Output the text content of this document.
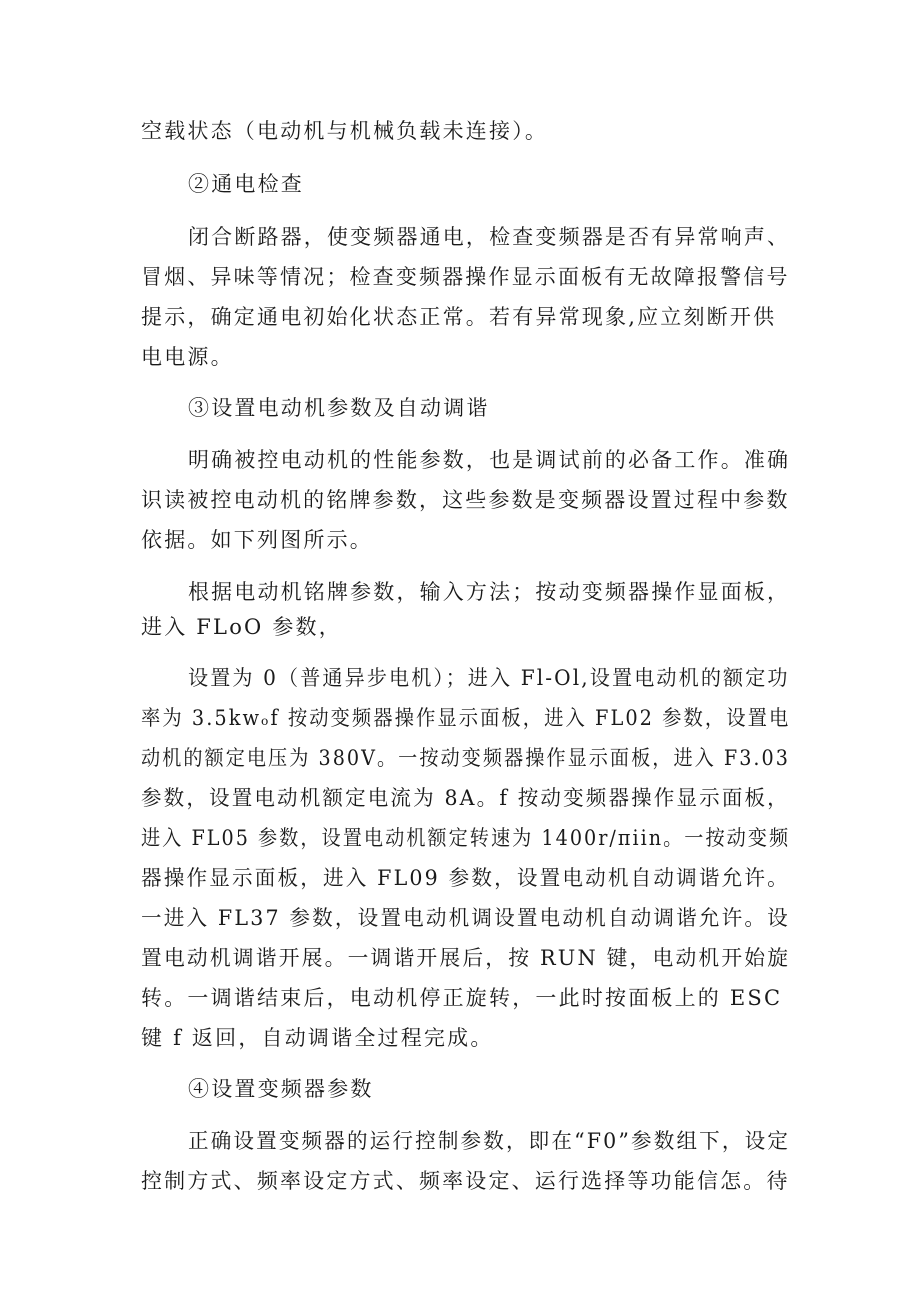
空载状态（电动机与机械负载未连接）。
②通电检查
闭合断路器，使变频器通电，检查变频器是否有异常响声、
冒烟、异味等情况；检查变频器操作显示面板有无故障报警信号
提示，确定通电初始化状态正常。若有异常现象,应立刻断开供
电电源。
③设置电动机参数及自动调谐
明确被控电动机的性能参数，也是调试前的必备工作。准确
识读被控电动机的铭牌参数，这些参数是变频器设置过程中参数
依据。如下列图所示。
根据电动机铭牌参数，输入方法；按动变频器操作显面板，
进入 FLoO 参数，
设置为 0（普通异步电机）；进入 Fl-Ol,设置电动机的额定功
率为 3.5kwₒf 按动变频器操作显示面板，进入 FL02 参数，设置电
动机的额定电压为 380V。一按动变频器操作显示面板，进入 F3.03
参数，设置电动机额定电流为 8A。f 按动变频器操作显示面板，
进入 FL05 参数，设置电动机额定转速为 1400r∕πiin。一按动变频
器操作显示面板，进入 FL09 参数，设置电动机自动调谐允许。
一进入 FL37 参数，设置电动机调设置电动机自动调谐允许。设
置电动机调谐开展。一调谐开展后，按 RUN 键，电动机开始旋
转。一调谐结束后，电动机停正旋转，一此时按面板上的 ESC
键 f 返回，自动调谐全过程完成。
④设置变频器参数
正确设置变频器的运行控制参数，即在“F0”参数组下，设定
控制方式、频率设定方式、频率设定、运行选择等功能信怎。待
